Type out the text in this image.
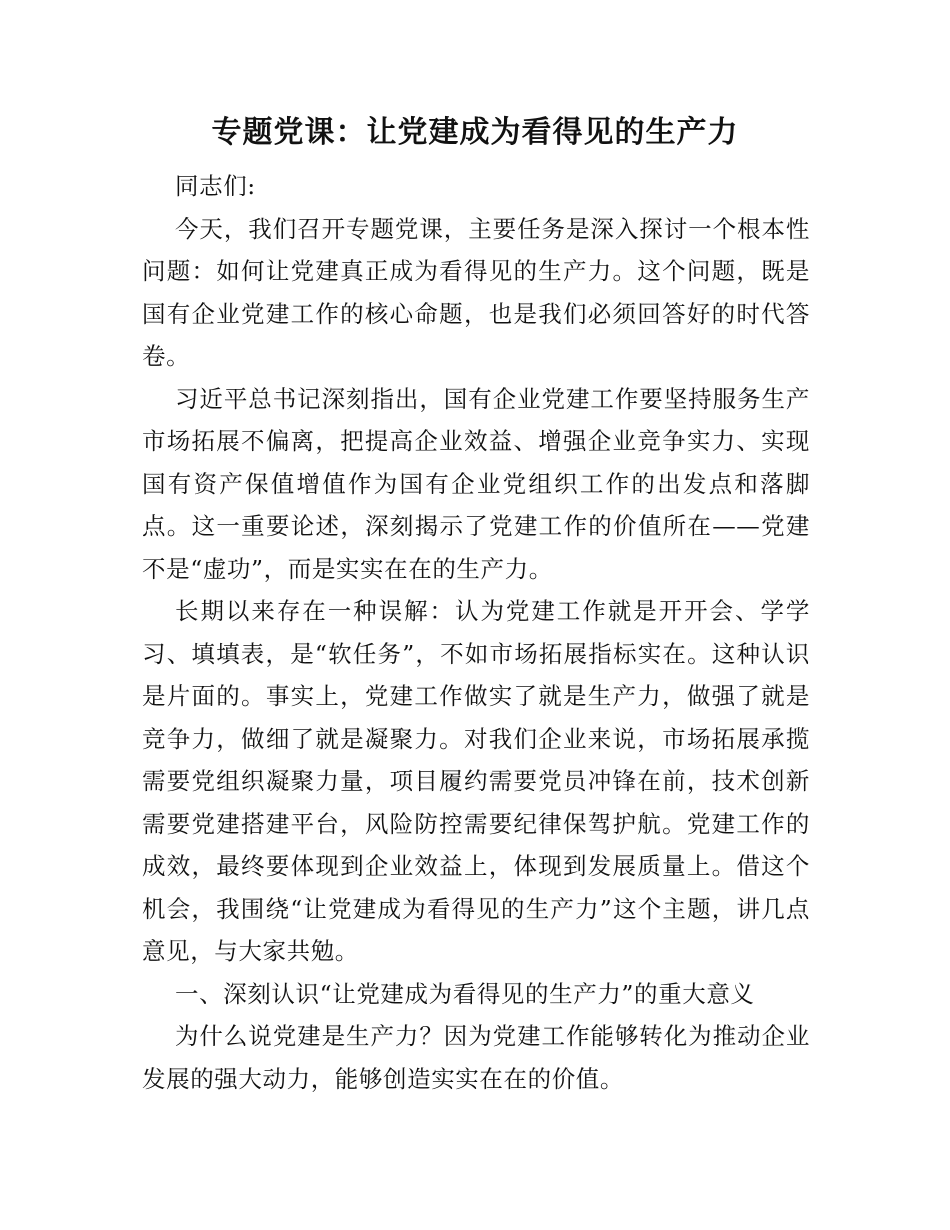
专题党课：让党建成为看得见的生产力

同志们:

今天，我们召开专题党课，主要任务是深入探讨一个根本性问题：如何让党建真正成为看得见的生产力。这个问题，既是国有企业党建工作的核心命题，也是我们必须回答好的时代答卷。

习近平总书记深刻指出，国有企业党建工作要坚持服务生产市场拓展不偏离，把提高企业效益、增强企业竞争实力、实现国有资产保值增值作为国有企业党组织工作的出发点和落脚点。这一重要论述，深刻揭示了党建工作的价值所在——党建不是“虚功”，而是实实在在的生产力。

长期以来存在一种误解：认为党建工作就是开开会、学学习、填填表，是“软任务”，不如市场拓展指标实在。这种认识是片面的。事实上，党建工作做实了就是生产力，做强了就是竞争力，做细了就是凝聚力。对我们企业来说，市场拓展承揽需要党组织凝聚力量，项目履约需要党员冲锋在前，技术创新需要党建搭建平台，风险防控需要纪律保驾护航。党建工作的成效，最终要体现到企业效益上，体现到发展质量上。借这个机会，我围绕“让党建成为看得见的生产力”这个主题，讲几点意见，与大家共勉。

一、深刻认识“让党建成为看得见的生产力”的重大意义

为什么说党建是生产力？因为党建工作能够转化为推动企业发展的强大动力，能够创造实实在在的价值。
